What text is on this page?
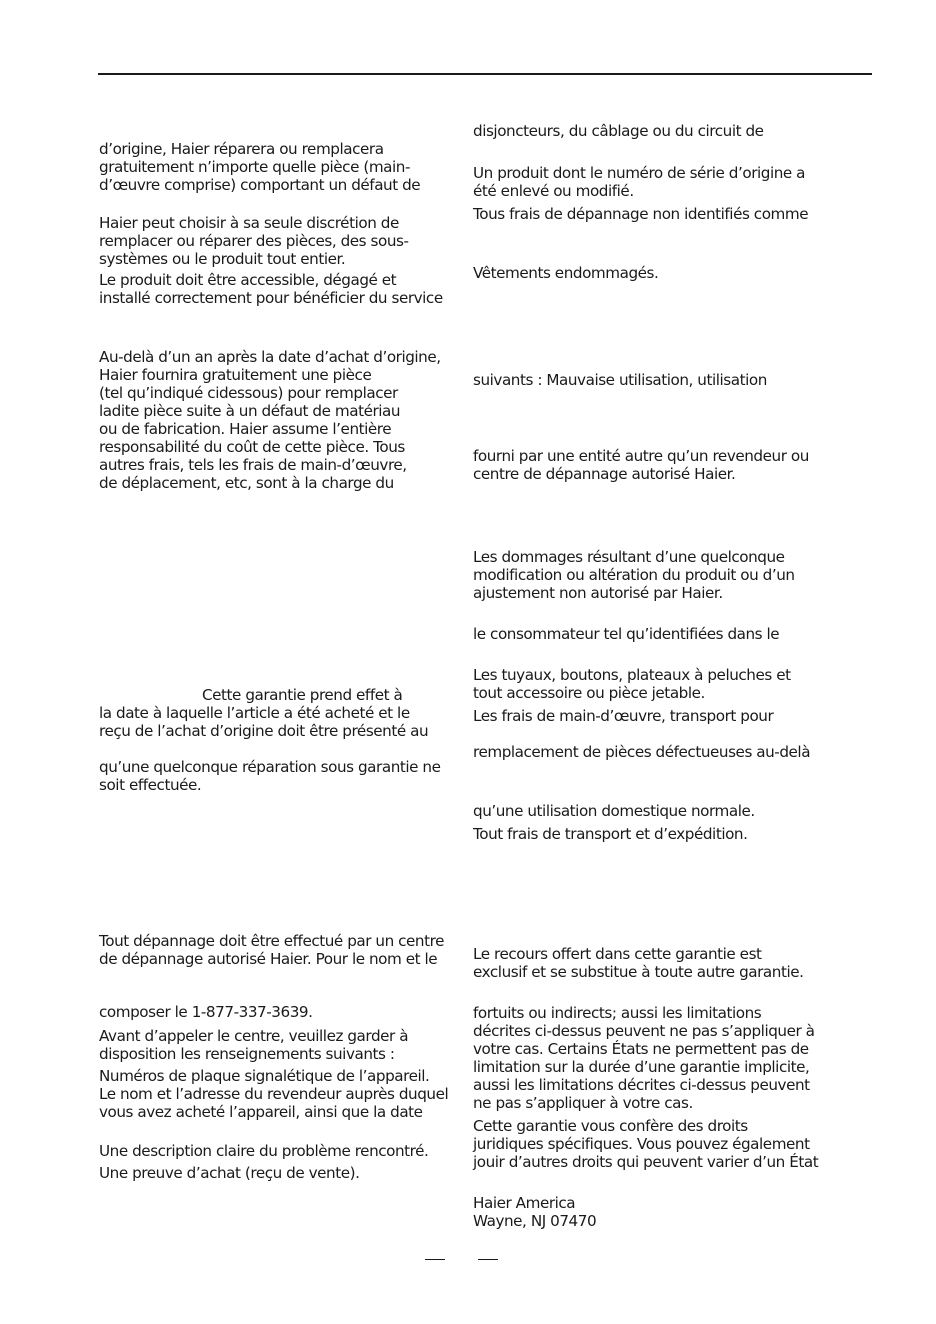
d’origine, Haier réparera ou remplacera
gratuitement n’importe quelle pièce (main-
d’œuvre comprise) comportant un défaut de

Haier peut choisir à sa seule discrétion de
remplacer ou réparer des pièces, des sous-
systèmes ou le produit tout entier.

Le produit doit être accessible, dégagé et
installé correctement pour bénéficier du service

Au-delà d’un an après la date d’achat d’origine,
Haier fournira gratuitement une pièce
(tel qu’indiqué cidessous) pour remplacer
ladite pièce suite à un défaut de matériau
ou de fabrication. Haier assume l’entière
responsabilité du coût de cette pièce. Tous
autres frais, tels les frais de main-d’œuvre,
de déplacement, etc, sont à la charge du

Cette garantie prend effet à
la date à laquelle l’article a été acheté et le
reçu de l’achat d’origine doit être présenté au

qu’une quelconque réparation sous garantie ne
soit effectuée.

Tout dépannage doit être effectué par un centre
de dépannage autorisé Haier. Pour le nom et le

composer le 1-877-337-3639.

Avant d’appeler le centre, veuillez garder à
disposition les renseignements suivants :

Numéros de plaque signalétique de l’appareil.
Le nom et l’adresse du revendeur auprès duquel
vous avez acheté l’appareil, ainsi que la date

Une description claire du problème rencontré.

Une preuve d’achat (reçu de vente).

disjoncteurs, du câblage ou du circuit de

Un produit dont le numéro de série d’origine a
été enlevé ou modifié.

Tous frais de dépannage non identifiés comme

Vêtements endommagés.

suivants : Mauvaise utilisation, utilisation

fourni par une entité autre qu’un revendeur ou
centre de dépannage autorisé Haier.

Les dommages résultant d’une quelconque
modification ou altération du produit ou d’un
ajustement non autorisé par Haier.

le consommateur tel qu’identifiées dans le

Les tuyaux, boutons, plateaux à peluches et
tout accessoire ou pièce jetable.

Les frais de main-d’œuvre, transport pour

remplacement de pièces défectueuses au-delà

qu’une utilisation domestique normale.

Tout frais de transport et d’expédition.

Le recours offert dans cette garantie est
exclusif et se substitue à toute autre garantie.

fortuits ou indirects; aussi les limitations
décrites ci-dessus peuvent ne pas s’appliquer à
votre cas. Certains États ne permettent pas de
limitation sur la durée d’une garantie implicite,
aussi les limitations décrites ci-dessus peuvent
ne pas s’appliquer à votre cas.

Cette garantie vous confère des droits
juridiques spécifiques. Vous pouvez également
jouir d’autres droits qui peuvent varier d’un État

Haier America
Wayne, NJ 07470
